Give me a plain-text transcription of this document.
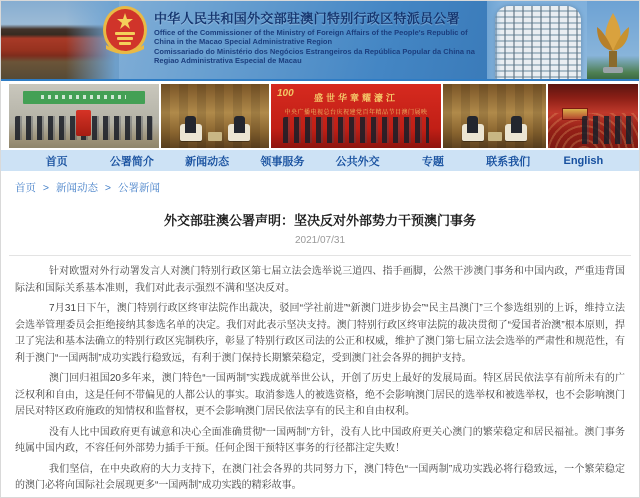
中华人民共和国外交部驻澳门特别行政区特派员公署
Office of the Commissioner of the Ministry of Foreign Affairs of the People's Republic of China in the Macao Special Administrative Region
Comissariado do Ministério dos Negócios Estrangeiros da República Popular da China na Regiao Administrativa Especial de Macau
100	盛世华章耀濠江
中央广播电视总台庆祝建党百年精品节目澳门展映
首页	公署简介	新闻动态	领事服务	公共外交	专题	联系我们	English
首页 > 新闻动态 > 公署新闻
外交部驻澳公署声明：坚决反对外部势力干预澳门事务
2021/07/31

针对欧盟对外行动署发言人对澳门特别行政区第七届立法会选举说三道四、指手画脚，公然干涉澳门事务和中国内政，严重违背国际法和国际关系基本准则，我们对此表示强烈不满和坚决反对。

7月31日下午，澳门特别行政区终审法院作出裁决，驳回“学社前进”“新澳门进步协会”“民主昌澳门”三个参选组别的上诉，维持立法会选举管理委员会拒绝接纳其参选名单的决定。我们对此表示坚决支持。澳门特别行政区终审法院的裁决贯彻了“爱国者治澳”根本原则，捍卫了宪法和基本法确立的特别行政区宪制秩序，彰显了特别行政区司法的公正和权威，维护了澳门第七届立法会选举的严肃性和规范性，有利于澳门“一国两制”成功实践行稳致远，有利于澳门保持长期繁荣稳定，受到澳门社会各界的拥护支持。

澳门回归祖国20多年来，澳门特色“一国两制”实践成就举世公认，开创了历史上最好的发展局面。特区居民依法享有前所未有的广泛权利和自由，这是任何不带偏见的人都公认的事实。取消参选人的被选资格，绝不会影响澳门居民的选举权和被选举权，也不会影响澳门居民对特区政府施政的知情权和监督权，更不会影响澳门居民依法享有的民主和自由权利。

没有人比中国政府更有诚意和决心全面准确贯彻“一国两制”方针，没有人比中国政府更关心澳门的繁荣稳定和居民福祉。澳门事务纯属中国内政，不容任何外部势力插手干预。任何企图干预特区事务的行径都注定失败！

我们坚信，在中央政府的大力支持下，在澳门社会各界的共同努力下，澳门特色“一国两制”成功实践必将行稳致远，一个繁荣稳定的澳门必将向国际社会展现更多“一国两制”成功实践的精彩故事。
